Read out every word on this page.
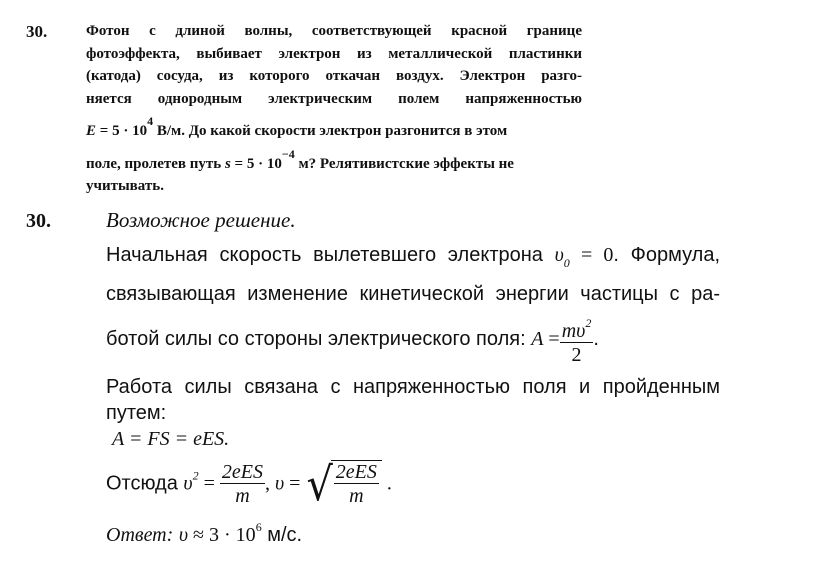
30.	Фотон с длиной волны, соответствующей красной границе
фотоэффекта, выбивает электрон из металлической пластинки
(катода) сосуда, из которого откачан воздух. Электрон разго-
няется однородным электрическим полем напряженностью
$E = 5 \cdot 10^4$ В/м. До какой скорости электрон разгонится в этом
поле, пролетев путь $s = 5 \cdot 10^{-4}$ м? Релятивистские эффекты не
учитывать.
30.	Возможное решение.
Начальная скорость вылетевшего электрона $\upsilon_0 = 0$. Формула,
связывающая изменение кинетической энергии частицы с ра-
ботой силы со стороны электрического поля: $A = \frac{m\upsilon^2}{2}$ .
Работа силы связана с напряженностью поля и пройденным
путем:
A = FS = eES.
Отсюда $\upsilon^2 = \frac{\text{2eES}}{m}$ , υ = √ $\frac{\text{2eES}}{m}$ .
Ответ: $\upsilon \approx 3 \cdot 10^6$ м/с.
